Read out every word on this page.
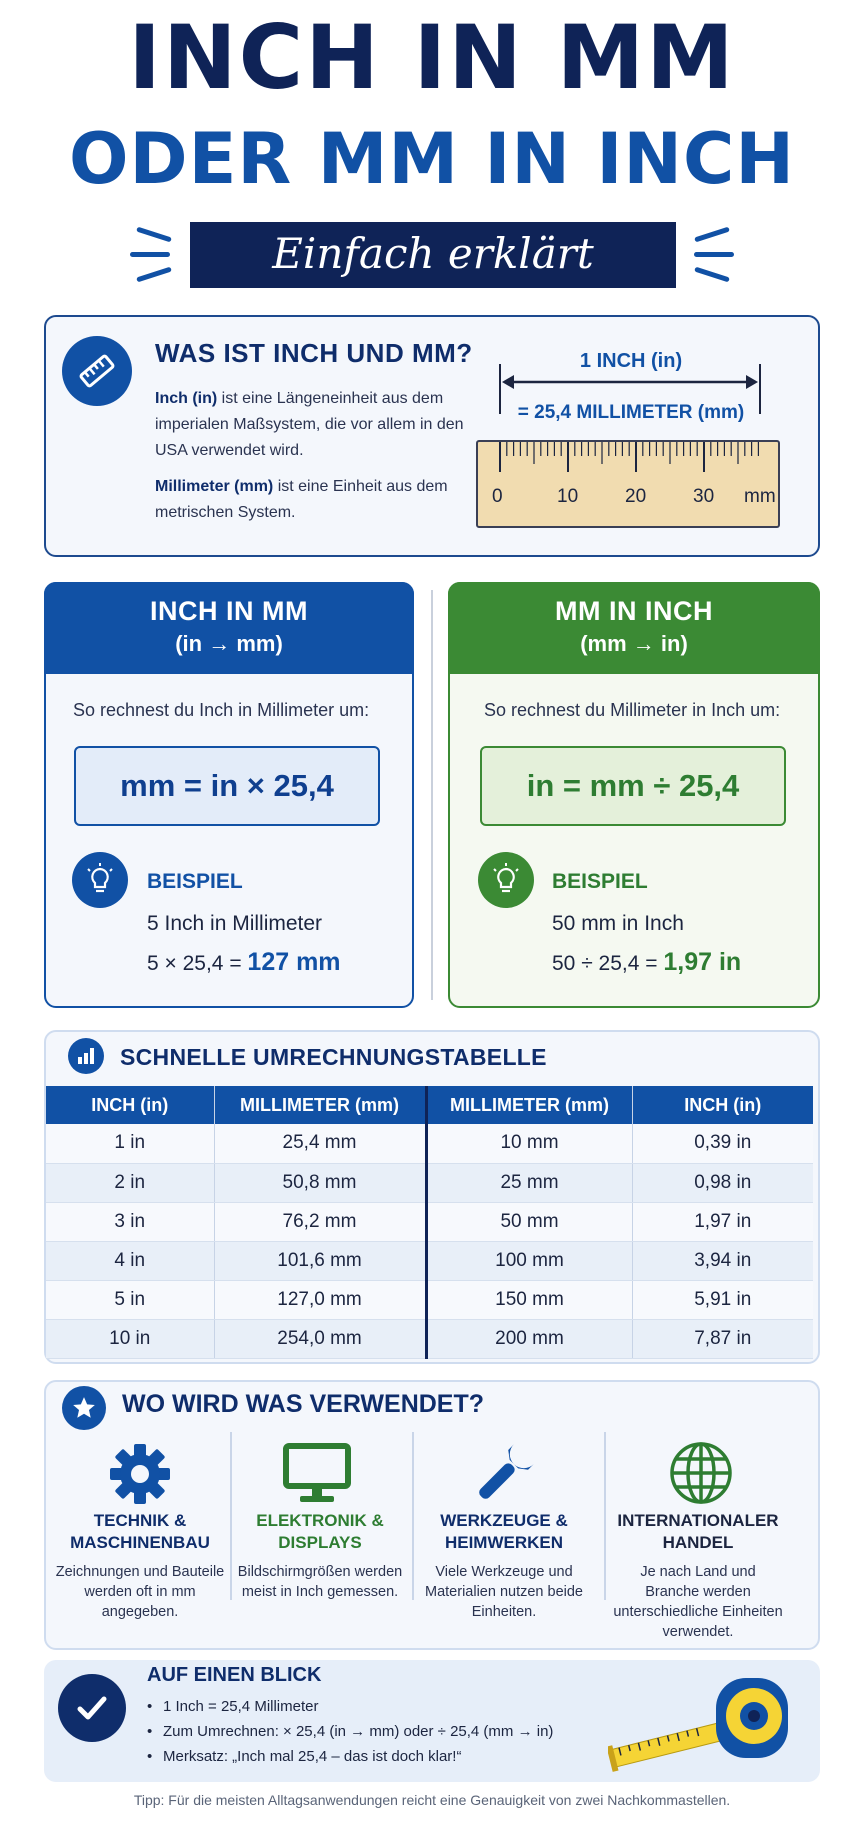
INCH IN MM
ODER MM IN INCH
Einfach erklärt
WAS IST INCH UND MM?
Inch (in) ist eine Längeneinheit aus dem imperialen Maßsystem, die vor allem in den USA verwendet wird.
Millimeter (mm) ist eine Einheit aus dem metrischen System.
1 INCH (in)
= 25,4 MILLIMETER (mm)
0	10 20 30 mm
INCH IN MM
(in → mm)
So rechnest du Inch in Millimeter um:
mm = in × 25,4
BEISPIEL
5 Inch in Millimeter
5 × 25,4 = 127 mm
MM IN INCH
(mm → in)
So rechnest du Millimeter in Inch um:
in = mm ÷ 25,4
BEISPIEL
50 mm in Inch
50 ÷ 25,4 = 1,97 in
SCHNELLE UMRECHNUNGSTABELLE
INCH (in)	MILLIMETER (mm)	MILLIMETER (mm)	INCH (in)
1 in	25,4 mm	10 mm	0,39 in
2 in	50,8 mm	25 mm	0,98 in
3 in	76,2 mm	50 mm	1,97 in
4 in	101,6 mm	100 mm	3,94 in
5 in	127,0 mm	150 mm	5,91 in
10 in	254,0 mm	200 mm	7,87 in
WO WIRD WAS VERWENDET?
TECHNIK & MASCHINENBAU
Zeichnungen und Bauteile werden oft in mm angegeben.
ELEKTRONIK & DISPLAYS
Bildschirmgrößen werden meist in Inch gemessen.
WERKZEUGE & HEIMWERKEN
Viele Werkzeuge und Materialien nutzen beide Einheiten.
INTERNATIONALER HANDEL
Je nach Land und Branche werden unterschiedliche Einheiten verwendet.
AUF EINEN BLICK
• 1 Inch = 25,4 Millimeter
• Zum Umrechnen: × 25,4 (in → mm) oder ÷ 25,4 (mm → in)
• Merksatz: „Inch mal 25,4 – das ist doch klar!“
Tipp: Für die meisten Alltagsanwendungen reicht eine Genauigkeit von zwei Nachkommastellen.
